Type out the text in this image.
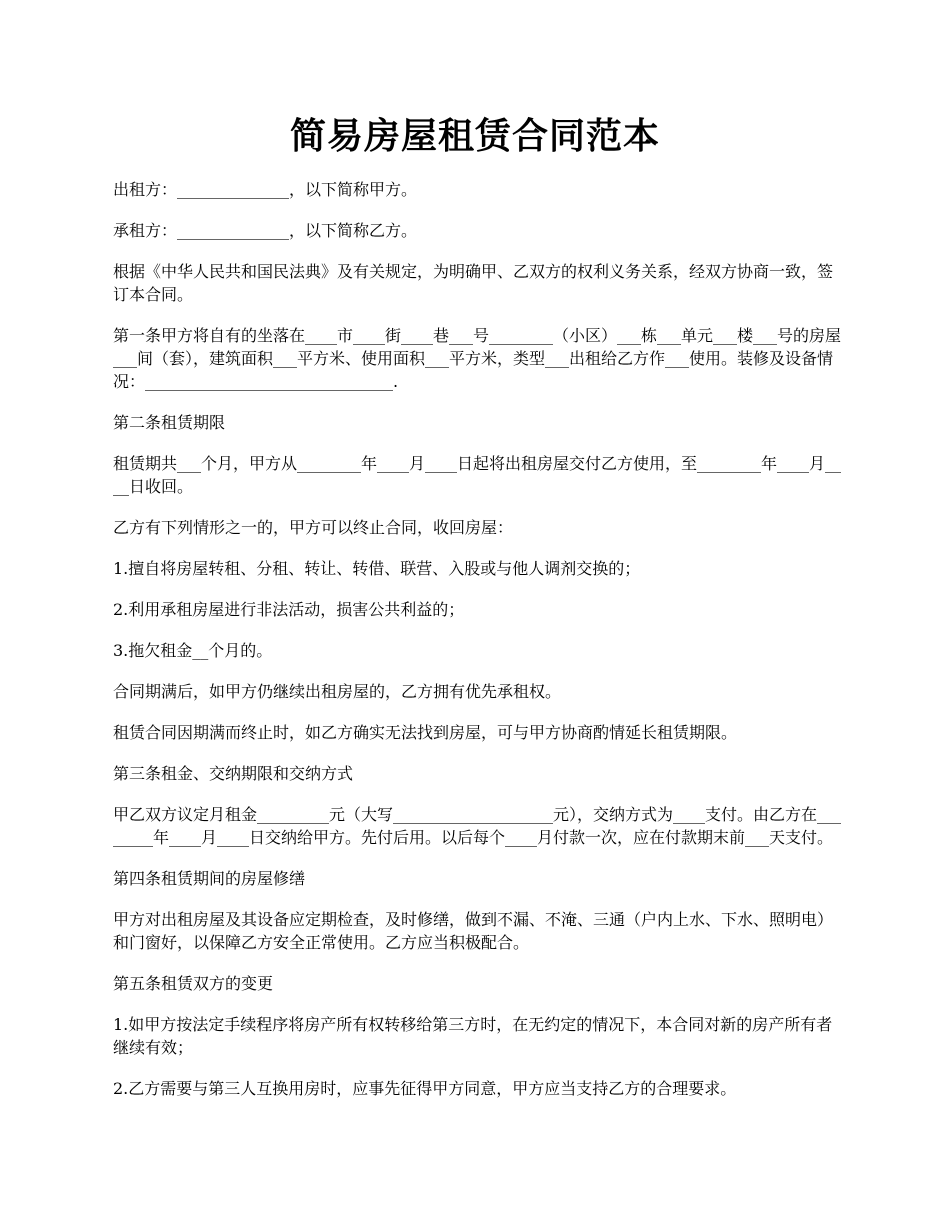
简易房屋租赁合同范本

出租方：______________，以下简称甲方。

承租方：______________，以下简称乙方。

根据《中华人民共和国民法典》及有关规定，为明确甲、乙双方的权利义务关系，经双方协商一致，签订本合同。

第一条甲方将自有的坐落在____市____街____巷___号________（小区）___栋___单元___楼___号的房屋___间（套），建筑面积___平方米、使用面积___平方米，类型___出租给乙方作___使用。装修及设备情况：_______________________________.

第二条租赁期限

租赁期共___个月，甲方从________年____月____日起将出租房屋交付乙方使用，至________年____月____日收回。

乙方有下列情形之一的，甲方可以终止合同，收回房屋：

1.擅自将房屋转租、分租、转让、转借、联营、入股或与他人调剂交换的；

2.利用承租房屋进行非法活动，损害公共利益的；

3.拖欠租金__个月的。

合同期满后，如甲方仍继续出租房屋的，乙方拥有优先承租权。

租赁合同因期满而终止时，如乙方确实无法找到房屋，可与甲方协商酌情延长租赁期限。

第三条租金、交纳期限和交纳方式

甲乙双方议定月租金_________元（大写____________________元），交纳方式为____支付。由乙方在________年____月____日交纳给甲方。先付后用。以后每个____月付款一次，应在付款期末前___天支付。

第四条租赁期间的房屋修缮

甲方对出租房屋及其设备应定期检查，及时修缮，做到不漏、不淹、三通（户内上水、下水、照明电）和门窗好，以保障乙方安全正常使用。乙方应当积极配合。

第五条租赁双方的变更

1.如甲方按法定手续程序将房产所有权转移给第三方时，在无约定的情况下，本合同对新的房产所有者继续有效；

2.乙方需要与第三人互换用房时，应事先征得甲方同意，甲方应当支持乙方的合理要求。
